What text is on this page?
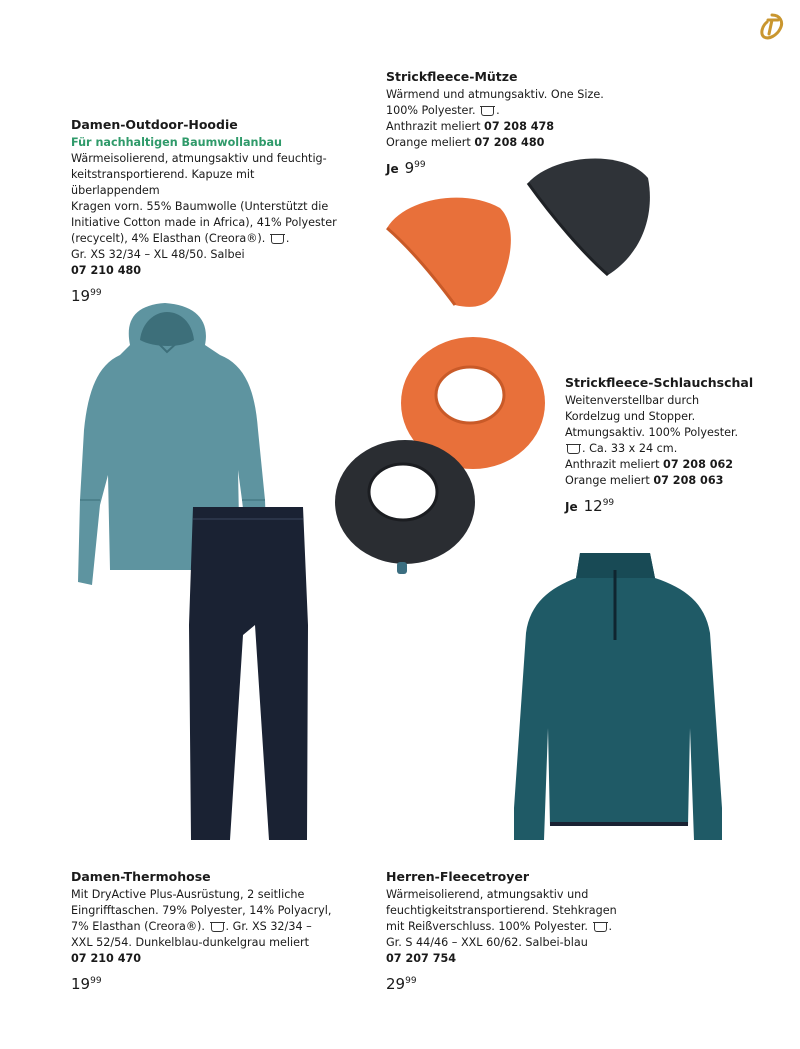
Damen-Outdoor-Hoodie
Für nachhaltigen Baumwollanbau
Wärmeisolierend, atmungsaktiv und feuchtig-
keitstransportierend. Kapuze mit überlappendem
Kragen vorn. 55% Baumwolle (Unterstützt die
Initiative Cotton made in Africa), 41% Polyester
(recycelt), 4% Elasthan (Creora®). .
Gr. XS 32/34 – XL 48/50. Salbei
07 210 480
$19^{99}$
Strickfleece-Mütze
Wärmend und atmungsaktiv. One Size.
100% Polyester. .
Anthrazit meliert 07 208 478
Orange meliert 07 208 480
Je $9^{99}$
Strickfleece-Schlauchschal
Weitenverstellbar durch
Kordelzug und Stopper.
Atmungsaktiv. 100% Polyester.
. Ca. 33 x 24 cm.
Anthrazit meliert 07 208 062
Orange meliert 07 208 063
Je $12^{99}$
Damen-Thermohose
Mit DryActive Plus-Ausrüstung, 2 seitliche
Eingrifftaschen. 79% Polyester, 14% Polyacryl,
7% Elasthan (Creora®). . Gr. XS 32/34 –
XXL 52/54. Dunkelblau-dunkelgrau meliert
07 210 470
$19^{99}$
Herren-Fleecetroyer
Wärmeisolierend, atmungsaktiv und
feuchtigkeitstransportierend. Stehkragen
mit Reißverschluss. 100% Polyester. .
Gr. S 44/46 – XXL 60/62. Salbei-blau
07 207 754
$29^{99}$
